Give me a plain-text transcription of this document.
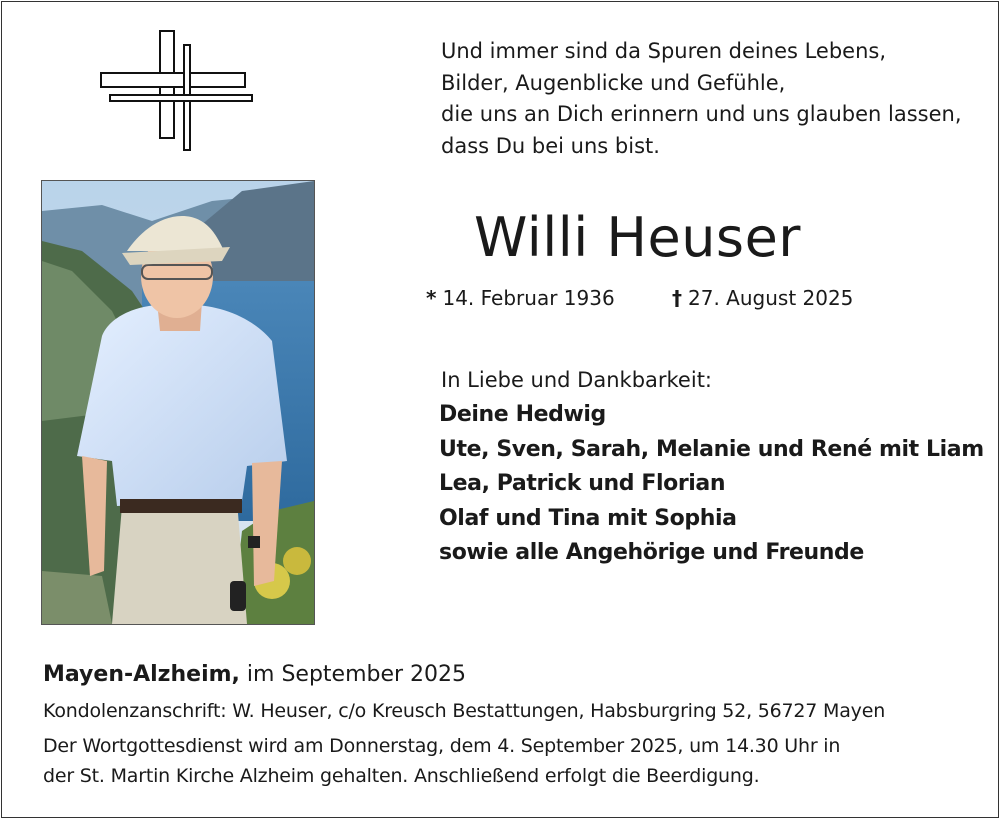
Und immer sind da Spuren deines Lebens,
Bilder, Augenblicke und Gefühle,
die uns an Dich erinnern und uns glauben lassen,
dass Du bei uns bist.
Willi Heuser
* 14. Februar 1936	† 27. August 2025
In Liebe und Dankbarkeit:
Deine Hedwig
Ute, Sven, Sarah, Melanie und René mit Liam
Lea, Patrick und Florian
Olaf und Tina mit Sophia
sowie alle Angehörige und Freunde
Mayen-Alzheim, im September 2025
Kondolenzanschrift: W. Heuser, c/o Kreusch Bestattungen, Habsburgring 52, 56727 Mayen
Der Wortgottesdienst wird am Donnerstag, dem 4. September 2025, um 14.30 Uhr in
der St. Martin Kirche Alzheim gehalten. Anschließend erfolgt die Beerdigung.
